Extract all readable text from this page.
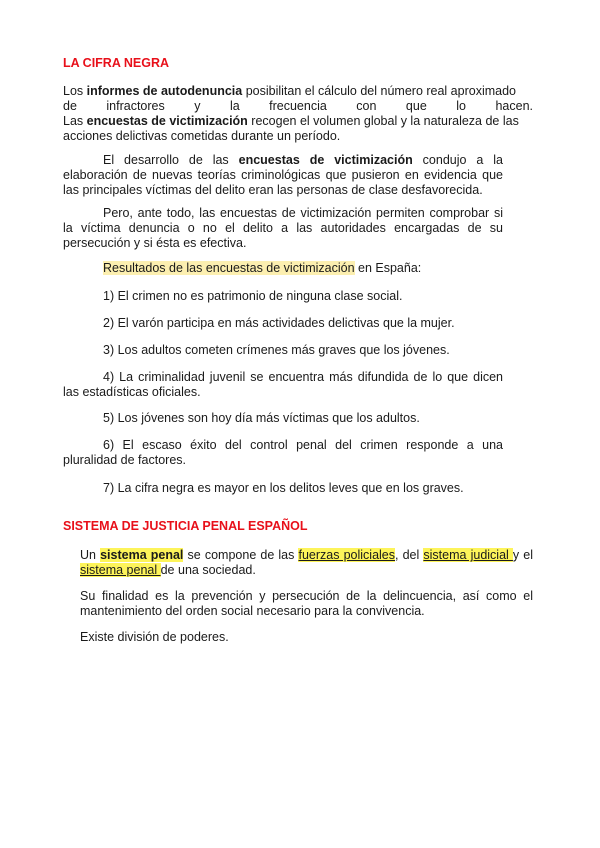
LA CIFRA NEGRA
Los informes de autodenuncia posibilitan el cálculo del número real aproximado
de infractores y la frecuencia con que lo hacen.
Las encuestas de victimización recogen el volumen global y la naturaleza de las
acciones delictivas cometidas durante un período.
El desarrollo de las encuestas de victimización condujo a la elaboración de nuevas teorías criminológicas que pusieron en evidencia que las principales víctimas del delito eran las personas de clase desfavorecida.
Pero, ante todo, las encuestas de victimización permiten comprobar si la víctima denuncia o no el delito a las autoridades encargadas de su persecución y si ésta es efectiva.
Resultados de las encuestas de victimización en España:
1) El crimen no es patrimonio de ninguna clase social.
2) El varón participa en más actividades delictivas que la mujer.
3) Los adultos cometen crímenes más graves que los jóvenes.
4) La criminalidad juvenil se encuentra más difundida de lo que dicen las estadísticas oficiales.
5) Los jóvenes son hoy día más víctimas que los adultos.
6) El escaso éxito del control penal del crimen responde a una pluralidad de factores.
7) La cifra negra es mayor en los delitos leves que en los graves.
SISTEMA DE JUSTICIA PENAL ESPAÑOL
Un sistema penal se compone de las fuerzas policiales, del sistema judicial y el
sistema penal de una sociedad.
Su finalidad es la prevención y persecución de la delincuencia, así como el mantenimiento del orden social necesario para la convivencia.
Existe división de poderes.
